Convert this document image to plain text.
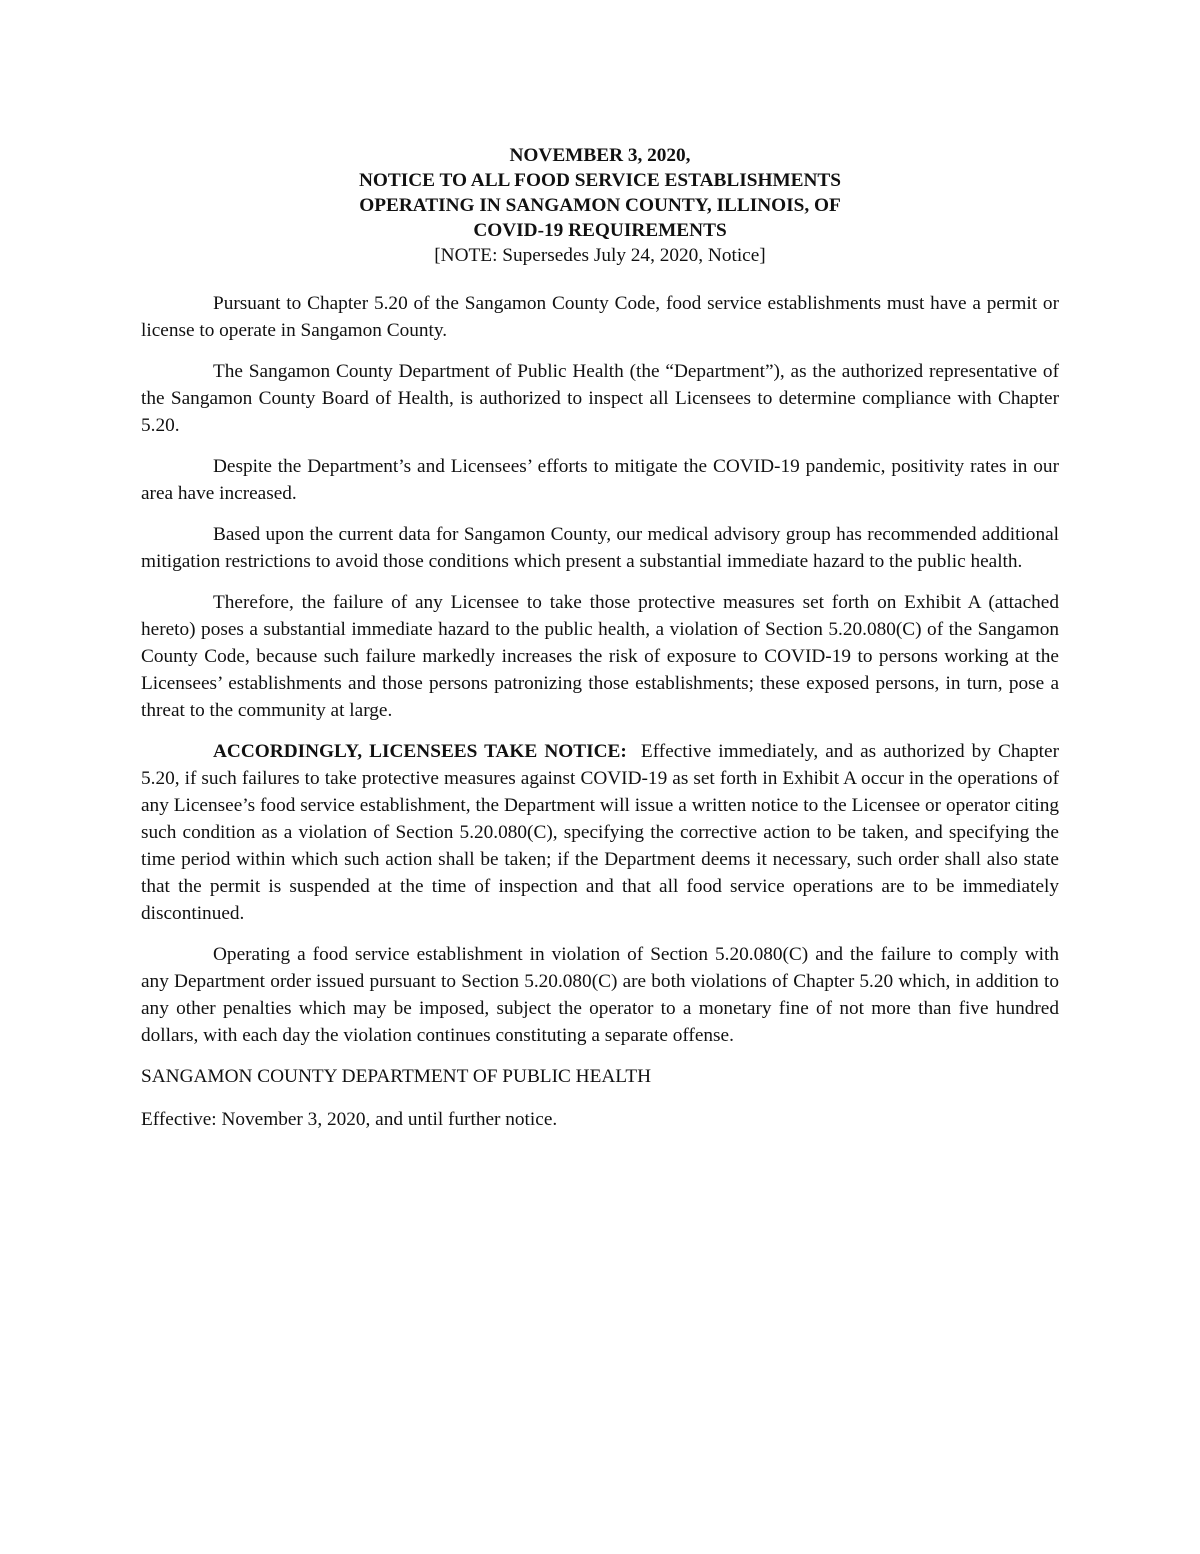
NOVEMBER 3, 2020,
NOTICE TO ALL FOOD SERVICE ESTABLISHMENTS
OPERATING IN SANGAMON COUNTY, ILLINOIS, OF
COVID-19 REQUIREMENTS
[NOTE: Supersedes July 24, 2020, Notice]

Pursuant to Chapter 5.20 of the Sangamon County Code, food service establishments must have a permit or license to operate in Sangamon County.

The Sangamon County Department of Public Health (the “Department”), as the authorized representative of the Sangamon County Board of Health, is authorized to inspect all Licensees to determine compliance with Chapter 5.20.

Despite the Department’s and Licensees’ efforts to mitigate the COVID-19 pandemic, positivity rates in our area have increased.

Based upon the current data for Sangamon County, our medical advisory group has recommended additional mitigation restrictions to avoid those conditions which present a substantial immediate hazard to the public health.

Therefore, the failure of any Licensee to take those protective measures set forth on Exhibit A (attached hereto) poses a substantial immediate hazard to the public health, a violation of Section 5.20.080(C) of the Sangamon County Code, because such failure markedly increases the risk of exposure to COVID-19 to persons working at the Licensees’ establishments and those persons patronizing those establishments; these exposed persons, in turn, pose a threat to the community at large.

ACCORDINGLY, LICENSEES TAKE NOTICE: Effective immediately, and as authorized by Chapter 5.20, if such failures to take protective measures against COVID-19 as set forth in Exhibit A occur in the operations of any Licensee’s food service establishment, the Department will issue a written notice to the Licensee or operator citing such condition as a violation of Section 5.20.080(C), specifying the corrective action to be taken, and specifying the time period within which such action shall be taken; if the Department deems it necessary, such order shall also state that the permit is suspended at the time of inspection and that all food service operations are to be immediately discontinued.

Operating a food service establishment in violation of Section 5.20.080(C) and the failure to comply with any Department order issued pursuant to Section 5.20.080(C) are both violations of Chapter 5.20 which, in addition to any other penalties which may be imposed, subject the operator to a monetary fine of not more than five hundred dollars, with each day the violation continues constituting a separate offense.

SANGAMON COUNTY DEPARTMENT OF PUBLIC HEALTH

Effective: November 3, 2020, and until further notice.
